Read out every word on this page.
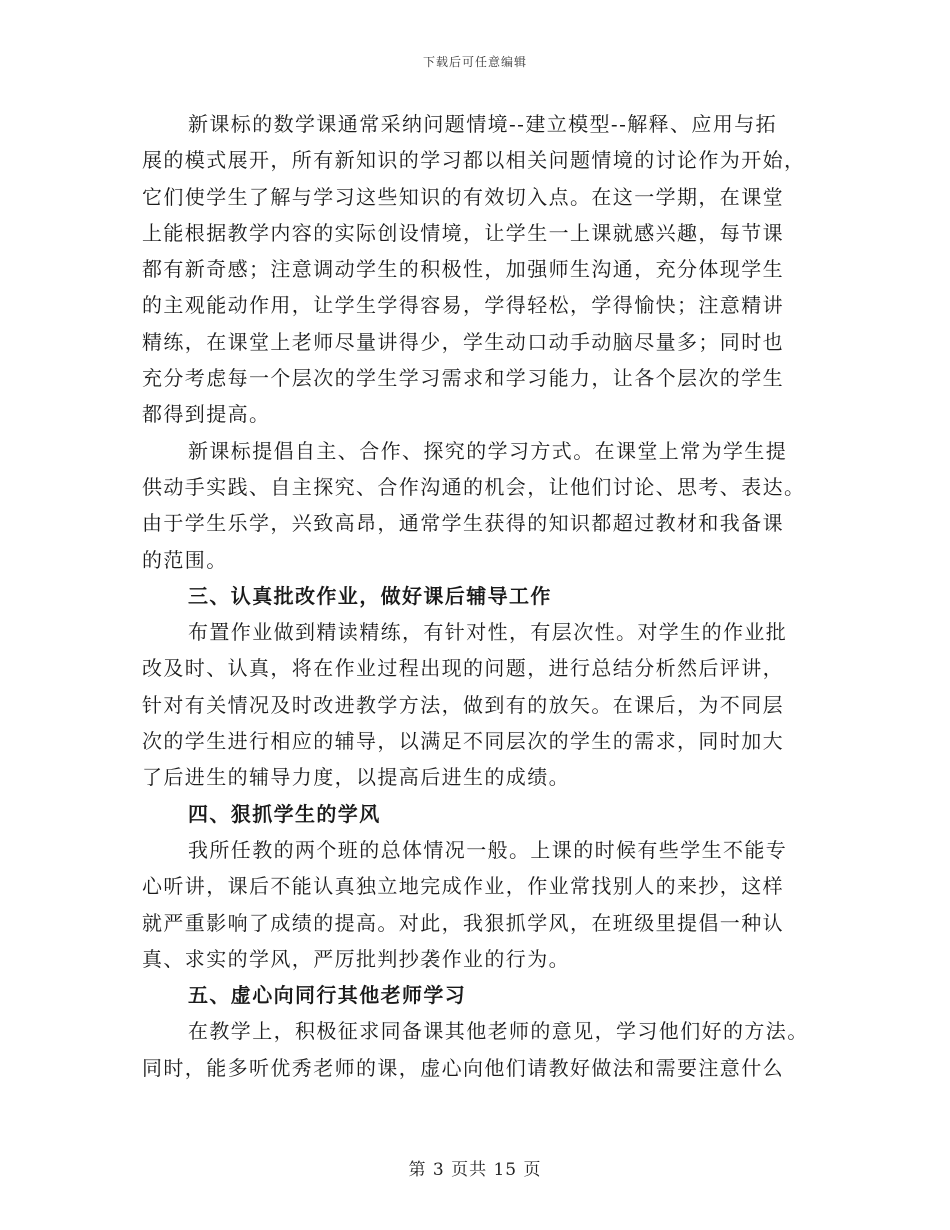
下载后可任意编辑
新课标的数学课通常采纳问题情境--建立模型--解释、应用与拓
展的模式展开，所有新知识的学习都以相关问题情境的讨论作为开始，
它们使学生了解与学习这些知识的有效切入点。在这一学期，在课堂
上能根据教学内容的实际创设情境，让学生一上课就感兴趣，每节课
都有新奇感；注意调动学生的积极性，加强师生沟通，充分体现学生
的主观能动作用，让学生学得容易，学得轻松，学得愉快；注意精讲
精练，在课堂上老师尽量讲得少，学生动口动手动脑尽量多；同时也
充分考虑每一个层次的学生学习需求和学习能力，让各个层次的学生
都得到提高。
新课标提倡自主、合作、探究的学习方式。在课堂上常为学生提
供动手实践、自主探究、合作沟通的机会，让他们讨论、思考、表达。
由于学生乐学，兴致高昂，通常学生获得的知识都超过教材和我备课
的范围。
三、认真批改作业，做好课后辅导工作
布置作业做到精读精练，有针对性，有层次性。对学生的作业批
改及时、认真，将在作业过程出现的问题，进行总结分析然后评讲，
针对有关情况及时改进教学方法，做到有的放矢。在课后，为不同层
次的学生进行相应的辅导，以满足不同层次的学生的需求，同时加大
了后进生的辅导力度，以提高后进生的成绩。
四、狠抓学生的学风
我所任教的两个班的总体情况一般。上课的时候有些学生不能专
心听讲，课后不能认真独立地完成作业，作业常找别人的来抄，这样
就严重影响了成绩的提高。对此，我狠抓学风，在班级里提倡一种认
真、求实的学风，严厉批判抄袭作业的行为。
五、虚心向同行其他老师学习
在教学上，积极征求同备课其他老师的意见，学习他们好的方法。
同时，能多听优秀老师的课，虚心向他们请教好做法和需要注意什么
第 3 页共 15 页
